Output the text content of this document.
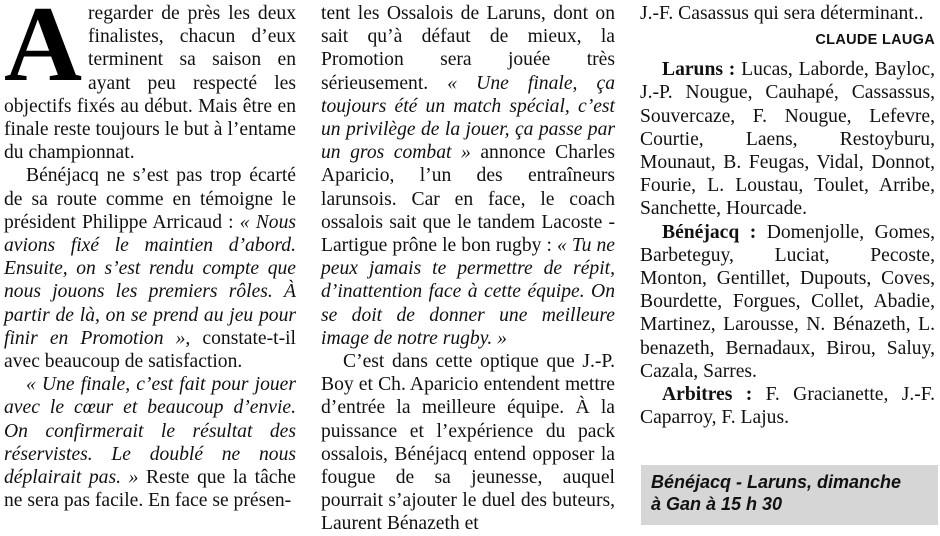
Aregarder de près les deux finalistes, chacun d’eux terminent sa saison en ayant peu respecté les objectifs fixés au début. Mais être en finale reste toujours le but à l’entame du championnat.

Bénéjacq ne s’est pas trop écarté de sa route comme en témoigne le président Philippe Arricaud : « Nous avions fixé le maintien d’abord. Ensuite, on s’est rendu compte que nous jouons les premiers rôles. À partir de là, on se prend au jeu pour finir en Promotion », constate-t-il avec beaucoup de satisfaction.

« Une finale, c’est fait pour jouer avec le cœur et beaucoup d’envie. On confirmerait le résultat des réservistes. Le doublé ne nous déplairait pas. » Reste que la tâche ne sera pas facile. En face se présen-

tent les Ossalois de Laruns, dont on sait qu’à défaut de mieux, la Promotion sera jouée très sérieusement. « Une finale, ça toujours été un match spécial, c’est un privilège de la jouer, ça passe par un gros combat » annonce Charles Aparicio, l’un des entraîneurs larunsois. Car en face, le coach ossalois sait que le tandem Lacoste - Lartigue prône le bon rugby : « Tu ne peux jamais te permettre de répit, d’inattention face à cette équipe. On se doit de donner une meilleure image de notre rugby. »

C’est dans cette optique que J.-P. Boy et Ch. Aparicio entendent mettre d’entrée la meilleure équipe. À la puissance et l’expérience du pack ossalois, Bénéjacq entend opposer la fougue de sa jeunesse, auquel pourrait s’ajouter le duel des buteurs, Laurent Bénazeth et

J.-F. Casassus qui sera déterminant..

CLAUDE LAUGA

Laruns : Lucas, Laborde, Bayloc, J.-P. Nougue, Cauhapé, Cassassus, Souvercaze, F. Nougue, Lefevre, Courtie, Laens, Restoyburu, Mounaut, B. Feugas, Vidal, Donnot, Fourie, L. Loustau, Toulet, Arribe, Sanchette, Hourcade.

Bénéjacq : Domenjolle, Gomes, Barbeteguy, Luciat, Pecoste, Monton, Gentillet, Dupouts, Coves, Bourdette, Forgues, Collet, Abadie, Martinez, Larousse, N. Bénazeth, L. benazeth, Bernadaux, Birou, Saluy, Cazala, Sarres.

Arbitres : F. Gracianette, J.-F. Caparroy, F. Lajus.

Bénéjacq - Laruns, dimanche
à Gan à 15 h 30
